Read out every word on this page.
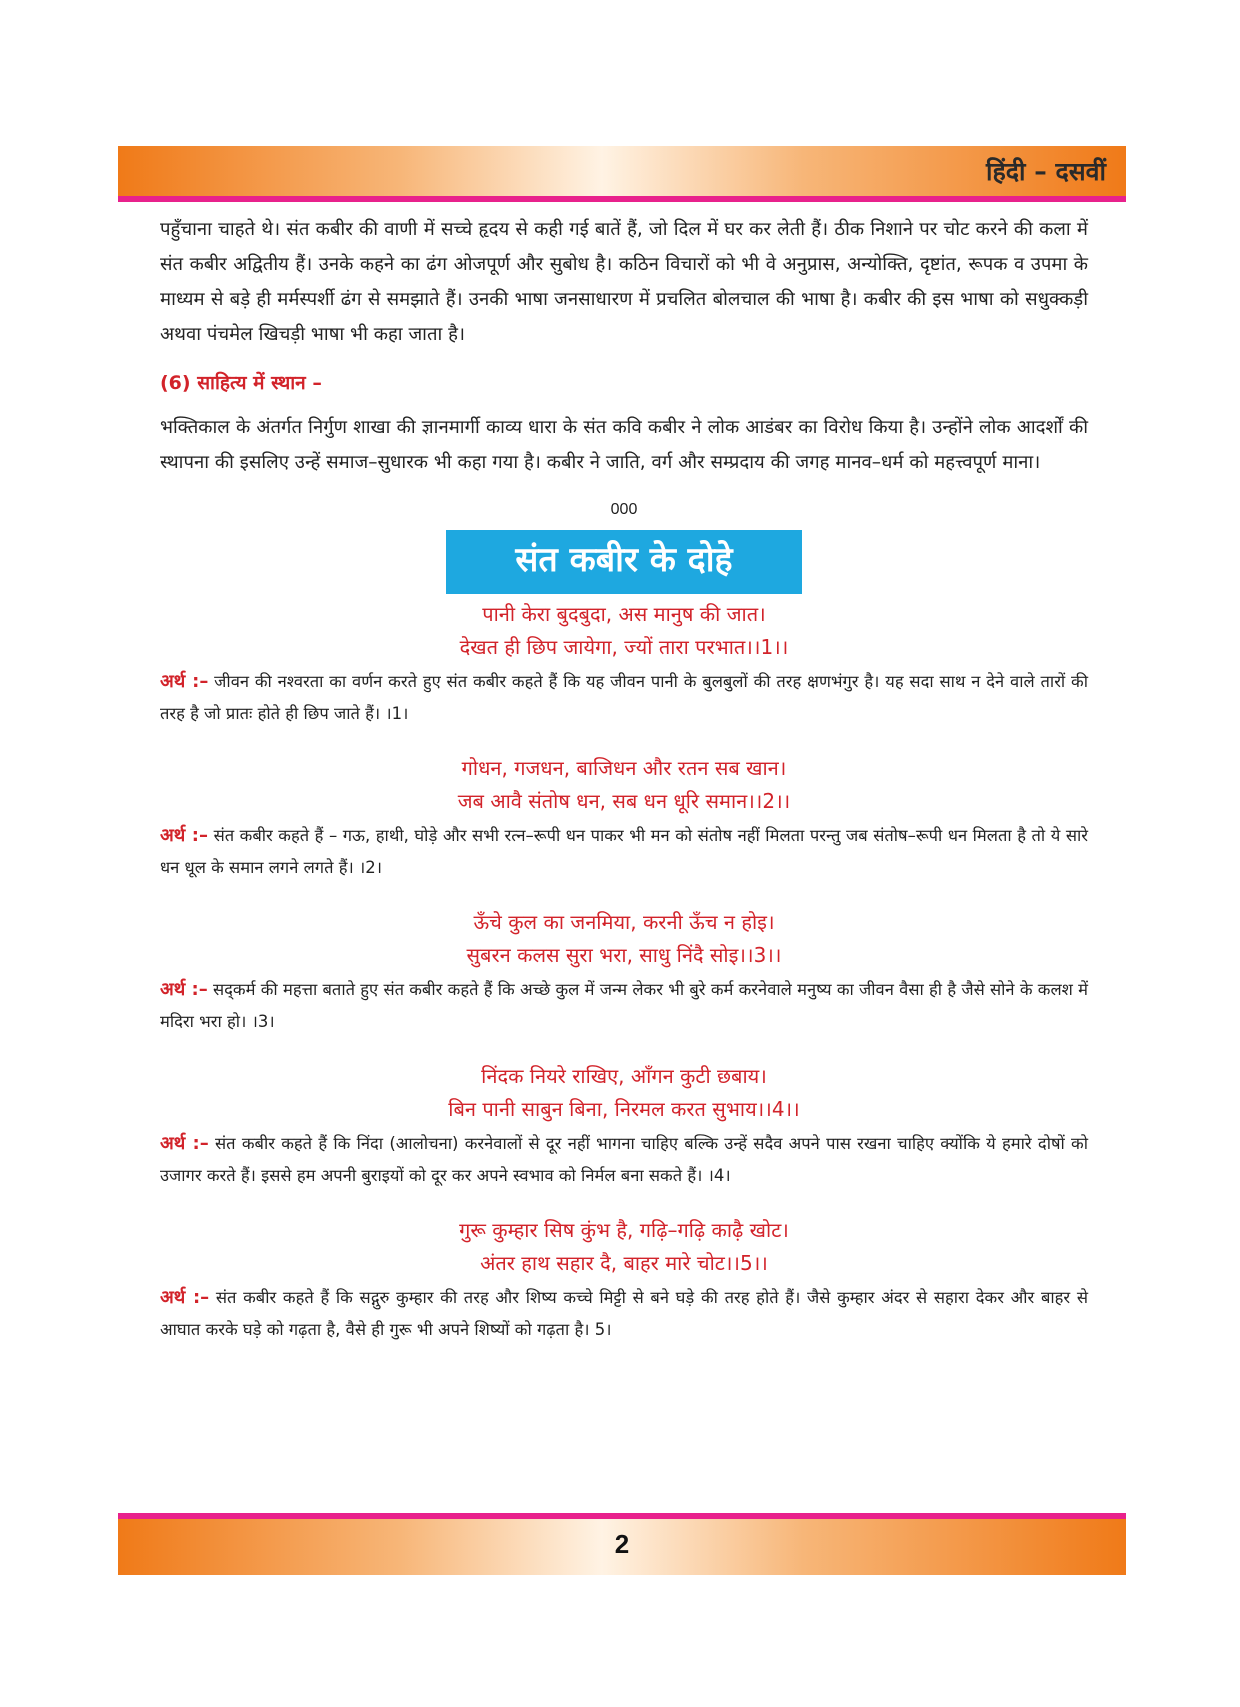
हिंदी – दसवीं

पहुँचाना चाहते थे। संत कबीर की वाणी में सच्चे हृदय से कही गई बातें हैं, जो दिल में घर कर लेती हैं। ठीक निशाने पर चोट करने की कला में संत कबीर अद्वितीय हैं। उनके कहने का ढंग ओजपूर्ण और सुबोध है। कठिन विचारों को भी वे अनुप्रास, अन्योक्ति, दृष्टांत, रूपक व उपमा के माध्यम से बड़े ही मर्मस्पर्शी ढंग से समझाते हैं। उनकी भाषा जनसाधारण में प्रचलित बोलचाल की भाषा है। कबीर की इस भाषा को सधुक्कड़ी अथवा पंचमेल खिचड़ी भाषा भी कहा जाता है।

(6) साहित्य में स्थान –

भक्तिकाल के अंतर्गत निर्गुण शाखा की ज्ञानमार्गी काव्य धारा के संत कवि कबीर ने लोक आडंबर का विरोध किया है। उन्होंने लोक आदर्शों की स्थापना की इसलिए उन्हें समाज–सुधारक भी कहा गया है। कबीर ने जाति, वर्ग और सम्प्रदाय की जगह मानव–धर्म को महत्त्वपूर्ण माना।

000
संत कबीर के दोहे
पानी केरा बुदबुदा, अस मानुष की जात।
देखत ही छिप जायेगा, ज्यों तारा परभात।।1।।

अर्थ :– जीवन की नश्वरता का वर्णन करते हुए संत कबीर कहते हैं कि यह जीवन पानी के बुलबुलों की तरह क्षणभंगुर है। यह सदा साथ न देने वाले तारों की तरह है जो प्रातः होते ही छिप जाते हैं। ।1।

गोधन, गजधन, बाजिधन और रतन सब खान।
जब आवै संतोष धन, सब धन धूरि समान।।2।।

अर्थ :– संत कबीर कहते हैं – गऊ, हाथी, घोड़े और सभी रत्न–रूपी धन पाकर भी मन को संतोष नहीं मिलता परन्तु जब संतोष–रूपी धन मिलता है तो ये सारे धन धूल के समान लगने लगते हैं। ।2।

ऊँचे कुल का जनमिया, करनी ऊँच न होइ।
सुबरन कलस सुरा भरा, साधु निंदै सोइ।।3।।

अर्थ :– सद्कर्म की महत्ता बताते हुए संत कबीर कहते हैं कि अच्छे कुल में जन्म लेकर भी बुरे कर्म करनेवाले मनुष्य का जीवन वैसा ही है जैसे सोने के कलश में मदिरा भरा हो। ।3।

निंदक नियरे राखिए, आँगन कुटी छबाय।
बिन पानी साबुन बिना, निरमल करत सुभाय।।4।।

अर्थ :– संत कबीर कहते हैं कि निंदा (आलोचना) करनेवालों से दूर नहीं भागना चाहिए बल्कि उन्हें सदैव अपने पास रखना चाहिए क्योंकि ये हमारे दोषों को उजागर करते हैं। इससे हम अपनी बुराइयों को दूर कर अपने स्वभाव को निर्मल बना सकते हैं। ।4।

गुरू कुम्हार सिष कुंभ है, गढ़ि–गढ़ि काढ़ै खोट।
अंतर हाथ सहार दै, बाहर मारे चोट।।5।।

अर्थ :– संत कबीर कहते हैं कि सद्गुरु कुम्हार की तरह और शिष्य कच्चे मिट्टी से बने घड़े की तरह होते हैं। जैसे कुम्हार अंदर से सहारा देकर और बाहर से आघात करके घड़े को गढ़ता है, वैसे ही गुरू भी अपने शिष्यों को गढ़ता है। 5।

2
